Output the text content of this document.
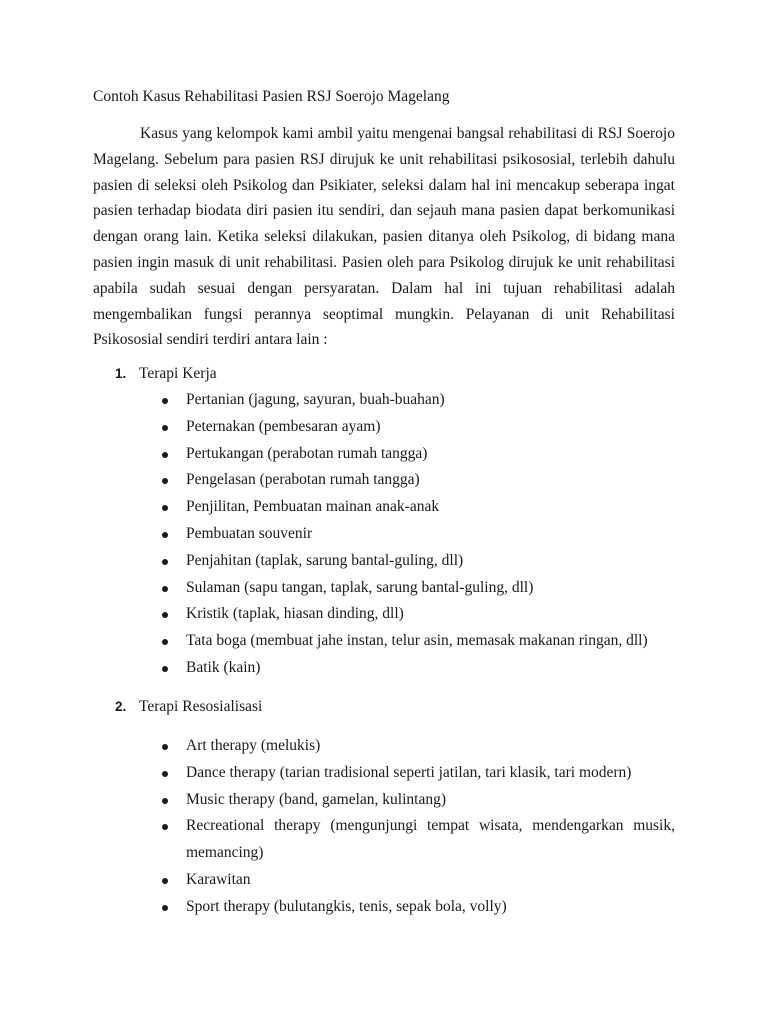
Contoh Kasus Rehabilitasi Pasien RSJ Soerojo Magelang

Kasus yang kelompok kami ambil yaitu mengenai bangsal rehabilitasi di RSJ Soerojo Magelang. Sebelum para pasien RSJ dirujuk ke unit rehabilitasi psikososial, terlebih dahulu pasien di seleksi oleh Psikolog dan Psikiater, seleksi dalam hal ini mencakup seberapa ingat pasien terhadap biodata diri pasien itu sendiri, dan sejauh mana pasien dapat berkomunikasi dengan orang lain. Ketika seleksi dilakukan, pasien ditanya oleh Psikolog, di bidang mana pasien ingin masuk di unit rehabilitasi. Pasien oleh para Psikolog dirujuk ke unit rehabilitasi apabila sudah sesuai dengan persyaratan. Dalam hal ini tujuan rehabilitasi adalah mengembalikan fungsi perannya seoptimal mungkin. Pelayanan di unit Rehabilitasi Psikososial sendiri terdiri antara lain :

1. Terapi Kerja
Pertanian (jagung, sayuran, buah-buahan)
Peternakan (pembesaran ayam)
Pertukangan (perabotan rumah tangga)
Pengelasan (perabotan rumah tangga)
Penjilitan, Pembuatan mainan anak-anak
Pembuatan souvenir
Penjahitan (taplak, sarung bantal-guling, dll)
Sulaman (sapu tangan, taplak, sarung bantal-guling, dll)
Kristik (taplak, hiasan dinding, dll)
Tata boga (membuat jahe instan, telur asin, memasak makanan ringan, dll)
Batik (kain)
2. Terapi Resosialisasi
Art therapy (melukis)
Dance therapy (tarian tradisional seperti jatilan, tari klasik, tari modern)
Music therapy (band, gamelan, kulintang)
Recreational therapy (mengunjungi tempat wisata, mendengarkan musik, memancing)
Karawitan
Sport therapy (bulutangkis, tenis, sepak bola, volly)
